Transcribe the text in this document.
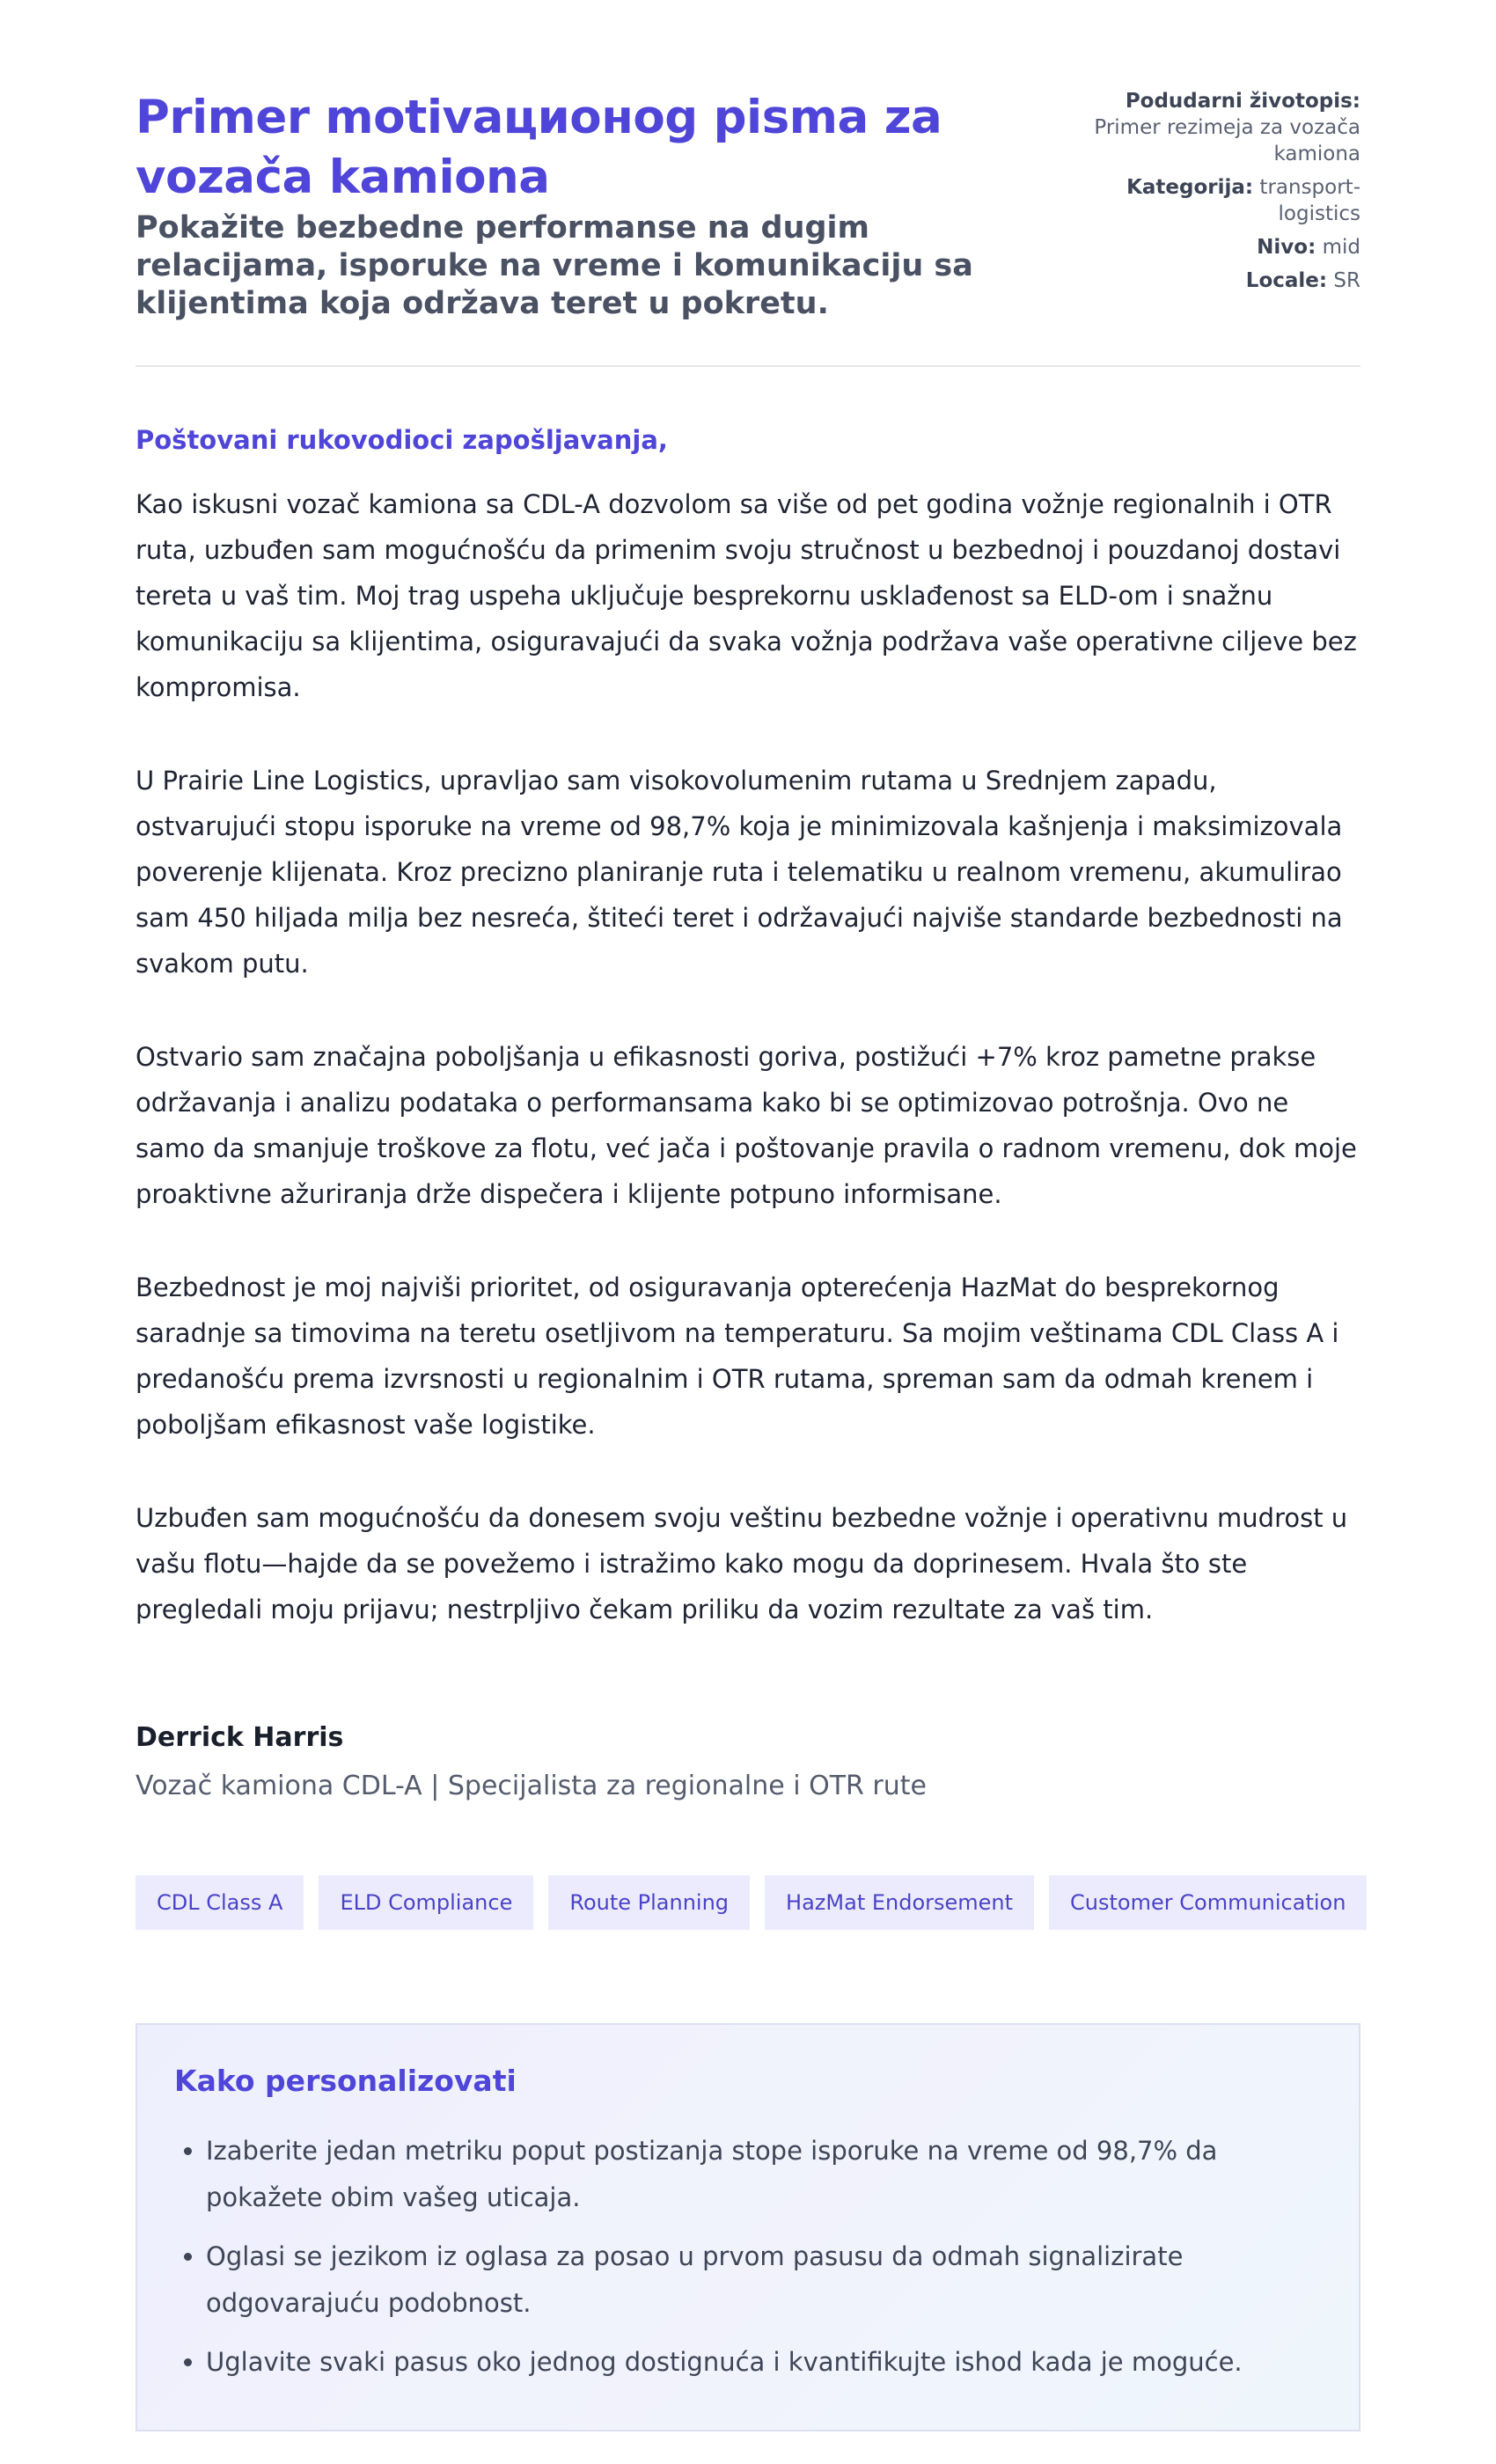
Primer motivaционog pisma za vozača kamiona
Pokažite bezbedne performanse na dugim relacijama, isporuke na vreme i komunikaciju sa klijentima koja održava teret u pokretu.
Podudarni životopis:
Primer rezimeja za vozača kamiona
Kategorija: transport-logistics
Nivo: mid
Locale: SR

Poštovani rukovodioci zapošljavanja,

Kao iskusni vozač kamiona sa CDL-A dozvolom sa više od pet godina vožnje regionalnih i OTR ruta, uzbuđen sam mogućnošću da primenim svoju stručnost u bezbednoj i pouzdanoj dostavi tereta u vaš tim. Moj trag uspeha uključuje besprekornu usklađenost sa ELD-om i snažnu komunikaciju sa klijentima, osiguravajući da svaka vožnja podržava vaše operativne ciljeve bez kompromisa.

U Prairie Line Logistics, upravljao sam visokovolumenim rutama u Srednjem zapadu, ostvarujući stopu isporuke na vreme od 98,7% koja je minimizovala kašnjenja i maksimizovala poverenje klijenata. Kroz precizno planiranje ruta i telematiku u realnom vremenu, akumulirao sam 450 hiljada milja bez nesreća, štiteći teret i održavajući najviše standarde bezbednosti na svakom putu.

Ostvario sam značajna poboljšanja u efikasnosti goriva, postižući +7% kroz pametne prakse održavanja i analizu podataka o performansama kako bi se optimizovao potrošnja. Ovo ne samo da smanjuje troškove za flotu, već jača i poštovanje pravila o radnom vremenu, dok moje proaktivne ažuriranja drže dispečera i klijente potpuno informisane.

Bezbednost je moj najviši prioritet, od osiguravanja opterećenja HazMat do besprekornog saradnje sa timovima na teretu osetljivom na temperaturu. Sa mojim veštinama CDL Class A i predanošću prema izvrsnosti u regionalnim i OTR rutama, spreman sam da odmah krenem i poboljšam efikasnost vaše logistike.

Uzbuđen sam mogućnošću da donesem svoju veštinu bezbedne vožnje i operativnu mudrost u vašu flotu—hajde da se povežemo i istražimo kako mogu da doprinesem. Hvala što ste pregledali moju prijavu; nestrpljivo čekam priliku da vozim rezultate za vaš tim.

Derrick Harris

Vozač kamiona CDL-A | Specijalista za regionalne i OTR rute

CDL Class A	ELD Compliance	Route Planning	HazMat Endorsement	Customer Communication
Kako personalizovati
• Izaberite jedan metriku poput postizanja stope isporuke na vreme od 98,7% da pokažete obim vašeg uticaja.
• Oglasi se jezikom iz oglasa za posao u prvom pasusu da odmah signalizirate odgovarajuću podobnost.
• Uglavite svaki pasus oko jednog dostignuća i kvantifikujte ishod kada je moguće.
